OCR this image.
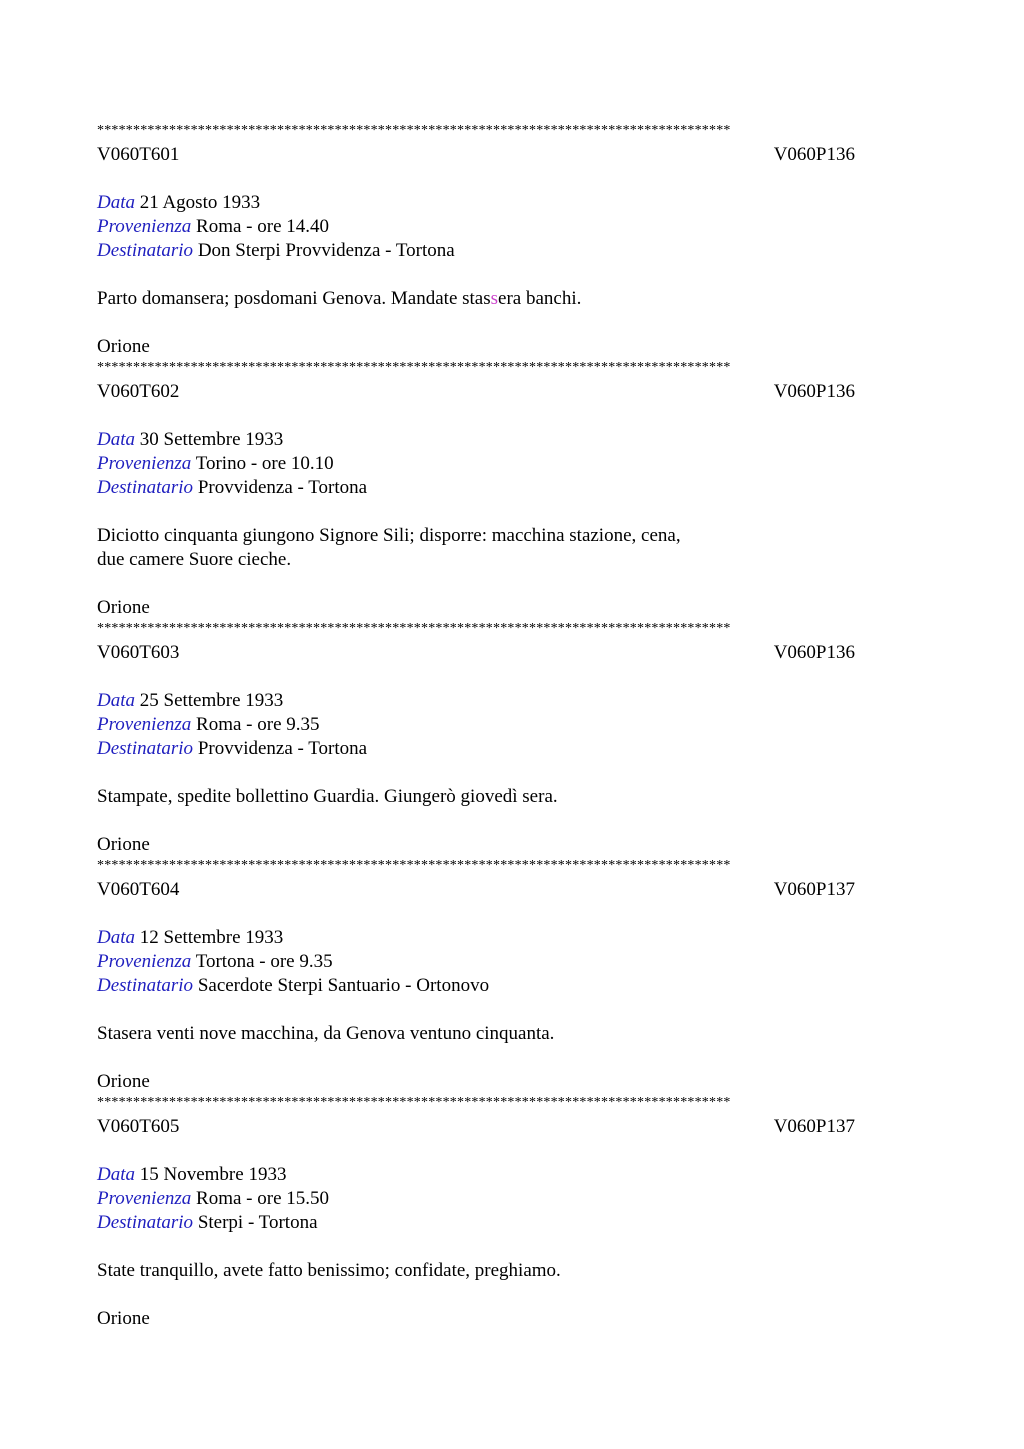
****************************************************************************************
V060T601	V060P136
Data 21 Agosto 1933
Provenienza Roma - ore 14.40
Destinatario Don Sterpi Provvidenza - Tortona
Parto domansera; posdomani Genova. Mandate stassera banchi.
Orione
****************************************************************************************
V060T602	V060P136
Data 30 Settembre 1933
Provenienza Torino - ore 10.10
Destinatario Provvidenza - Tortona
Diciotto cinquanta giungono Signore Sili; disporre: macchina stazione, cena,
due camere Suore cieche.
Orione
****************************************************************************************
V060T603	V060P136
Data 25 Settembre 1933
Provenienza Roma - ore 9.35
Destinatario Provvidenza - Tortona
Stampate, spedite bollettino Guardia. Giungerò giovedì sera.
Orione
****************************************************************************************
V060T604	V060P137
Data 12 Settembre 1933
Provenienza Tortona - ore 9.35
Destinatario Sacerdote Sterpi Santuario - Ortonovo
Stasera venti nove macchina, da Genova ventuno cinquanta.
Orione
****************************************************************************************
V060T605	V060P137
Data 15 Novembre 1933
Provenienza Roma - ore 15.50
Destinatario Sterpi - Tortona
State tranquillo, avete fatto benissimo; confidate, preghiamo.
Orione
